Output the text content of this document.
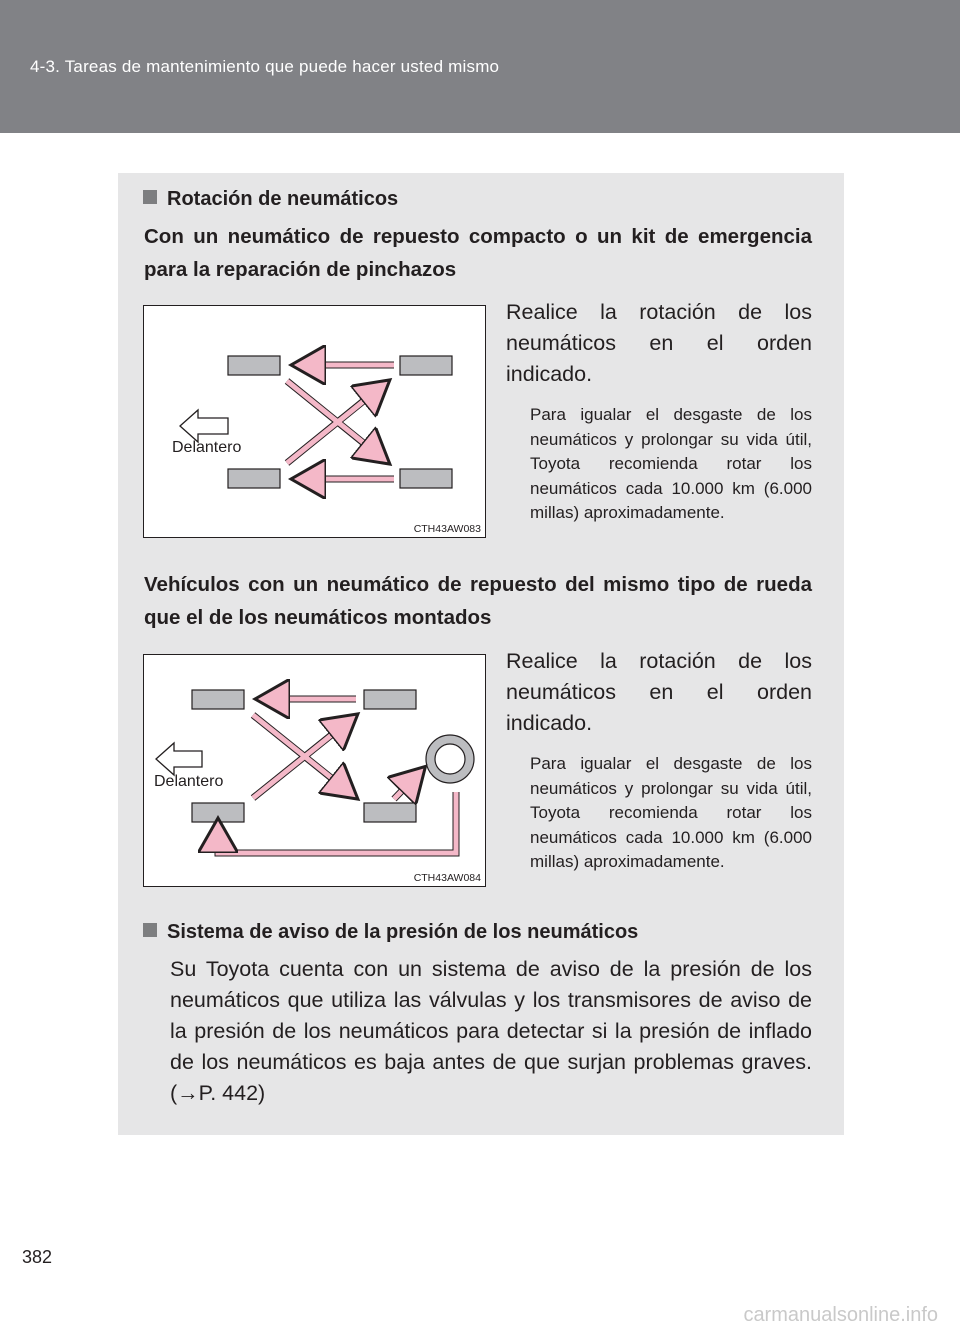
4-3. Tareas de mantenimiento que puede hacer usted mismo
Rotación de neumáticos
Con un neumático de repuesto compacto o un kit de emergencia para la reparación de pinchazos
Delantero
CTH43AW083
Realice la rotación de los neumáticos en el orden indicado.
Para igualar el desgaste de los neumáticos y prolongar su vida útil, Toyota recomienda rotar los neumáticos cada 10.000 km (6.000 millas) aproximadamente.
Vehículos con un neumático de repuesto del mismo tipo de rueda que el de los neumáticos montados
Delantero
CTH43AW084
Realice la rotación de los neumáticos en el orden indicado.
Para igualar el desgaste de los neumáticos y prolongar su vida útil, Toyota recomienda rotar los neumáticos cada 10.000 km (6.000 millas) aproximadamente.
Sistema de aviso de la presión de los neumáticos
Su Toyota cuenta con un sistema de aviso de la presión de los neumáticos que utiliza las válvulas y los transmisores de aviso de la presión de los neumáticos para detectar si la presión de inflado de los neumáticos es baja antes de que surjan problemas graves. (→P. 442)
382
carmanualsonline.info
